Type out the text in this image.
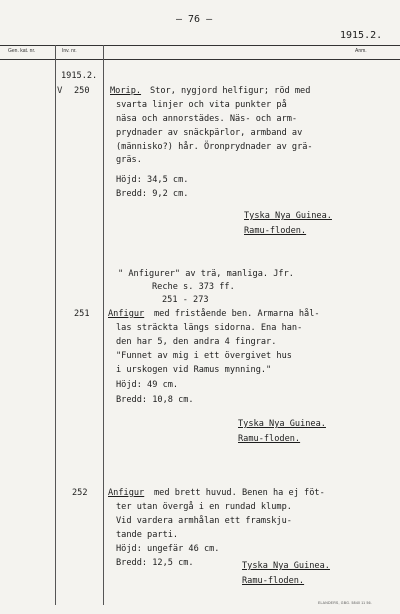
– 76 –
1915.2.
Gen. kat. nr.	Inv. nr.	Anm.
1915.2.
V 250 Morip. Stor, nygjord helfigur; röd med
svarta linjer och vita punkter på
näsa och annorstädes. Näs- och arm-
prydnader av snäckpärlor, armband av
(människo?) hår. Öronprydnader av grä-
gräs.
Höjd: 34,5 cm.
Bredd: 9,2 cm.
Tyska Nya Guinea.
Ramu-floden.
" Anfigurer" av trä, manliga. Jfr.
Reche s. 373 ff.
251 - 273
251 Anfigur med fristående ben. Armarna hål-
las sträckta längs sidorna. Ena han-
den har 5, den andra 4 fingrar.
"Funnet av mig i ett övergivet hus
i urskogen vid Ramus mynning."
Höjd: 49 cm.
Bredd: 10,8 cm.
Tyska Nya Guinea.
Ramu-floden.
252 Anfigur med brett huvud. Benen ha ej föt-
ter utan övergå i en rundad klump.
Vid vardera armhålan ett framskju-
tande parti.
Höjd: ungefär 46 cm.
Bredd: 12,5 cm.	Tyska Nya Guinea.
Ramu-floden.
ELANDERS, GBG. 5840 11 56.
